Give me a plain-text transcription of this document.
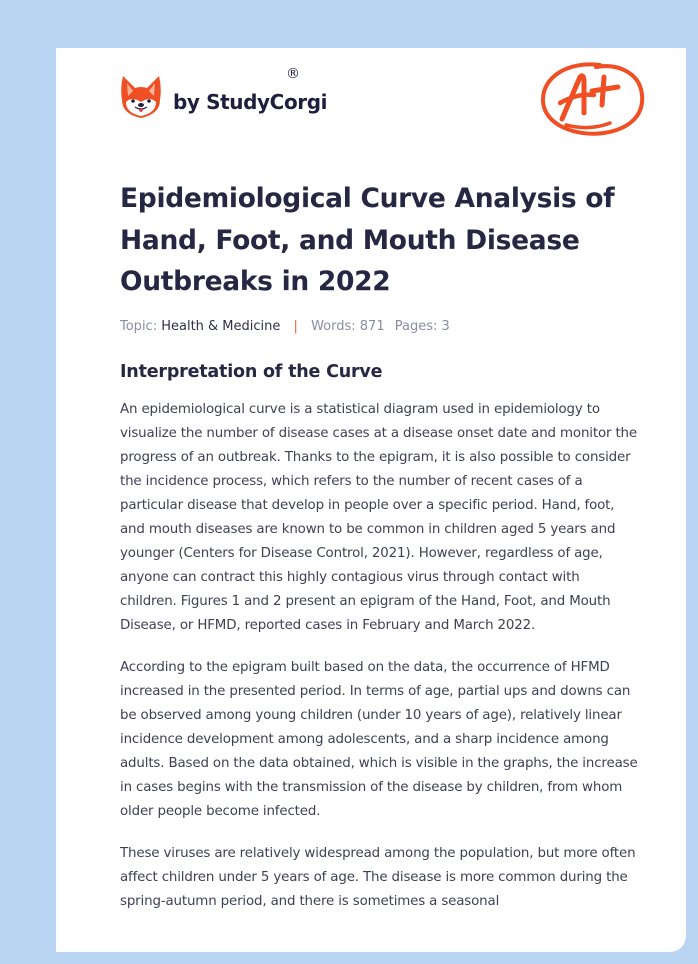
by StudyCorgi
®
Epidemiological Curve Analysis of Hand, Foot, and Mouth Disease Outbreaks in 2022
Topic: Health & Medicine | Words: 871 Pages: 3
Interpretation of the Curve

An epidemiological curve is a statistical diagram used in epidemiology to visualize the number of disease cases at a disease onset date and monitor the progress of an outbreak. Thanks to the epigram, it is also possible to consider the incidence process, which refers to the number of recent cases of a particular disease that develop in people over a specific period. Hand, foot, and mouth diseases are known to be common in children aged 5 years and younger (Centers for Disease Control, 2021). However, regardless of age, anyone can contract this highly contagious virus through contact with children. Figures 1 and 2 present an epigram of the Hand, Foot, and Mouth Disease, or HFMD, reported cases in February and March 2022.

According to the epigram built based on the data, the occurrence of HFMD increased in the presented period. In terms of age, partial ups and downs can be observed among young children (under 10 years of age), relatively linear incidence development among adolescents, and a sharp incidence among adults. Based on the data obtained, which is visible in the graphs, the increase in cases begins with the transmission of the disease by children, from whom older people become infected.

These viruses are relatively widespread among the population, but more often affect children under 5 years of age. The disease is more common during the spring-autumn period, and there is sometimes a seasonal
